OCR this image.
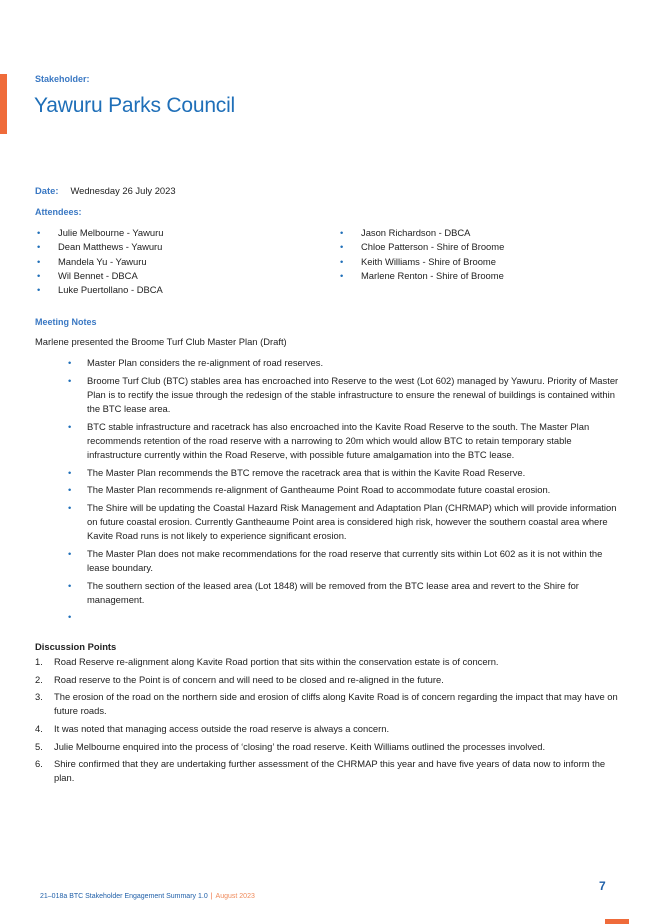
Stakeholder:
Yawuru Parks Council
Date: Wednesday 26 July 2023
Attendees:
• Julie Melbourne - Yawuru
• Dean Matthews - Yawuru
• Mandela Yu - Yawuru
• Wil Bennet - DBCA
• Luke Puertollano - DBCA
• Jason Richardson - DBCA
• Chloe Patterson - Shire of Broome
• Keith Williams - Shire of Broome
• Marlene Renton - Shire of Broome
Meeting Notes
Marlene presented the Broome Turf Club Master Plan (Draft)
• Master Plan considers the re-alignment of road reserves.
• Broome Turf Club (BTC) stables area has encroached into Reserve to the west (Lot 602) managed by Yawuru. Priority of Master Plan is to rectify the issue through the redesign of the stable infrastructure to ensure the renewal of buildings is contained within the BTC lease area.
• BTC stable infrastructure and racetrack has also encroached into the Kavite Road Reserve to the south. The Master Plan recommends retention of the road reserve with a narrowing to 20m which would allow BTC to retain temporary stable infrastructure currently within the Road Reserve, with possible future amalgamation into the BTC lease.
• The Master Plan recommends the BTC remove the racetrack area that is within the Kavite Road Reserve.
• The Master Plan recommends re-alignment of Gantheaume Point Road to accommodate future coastal erosion.
• The Shire will be updating the Coastal Hazard Risk Management and Adaptation Plan (CHRMAP) which will provide information on future coastal erosion. Currently Gantheaume Point area is considered high risk, however the southern coastal area where Kavite Road runs is not likely to experience significant erosion.
• The Master Plan does not make recommendations for the road reserve that currently sits within Lot 602 as it is not within the lease boundary.
• The southern section of the leased area (Lot 1848) will be removed from the BTC lease area and revert to the Shire for management.
•
Discussion Points
1. Road Reserve re-alignment along Kavite Road portion that sits within the conservation estate is of concern.
2. Road reserve to the Point is of concern and will need to be closed and re-aligned in the future.
3. The erosion of the road on the northern side and erosion of cliffs along Kavite Road is of concern regarding the impact that may have on future roads.
4. It was noted that managing access outside the road reserve is always a concern.
5. Julie Melbourne enquired into the process of ‘closing’ the road reserve. Keith Williams outlined the processes involved.
6. Shire confirmed that they are undertaking further assessment of the CHRMAP this year and have five years of data now to inform the plan.
21–018a BTC Stakeholder Engagement Summary 1.0 | August 2023
7
